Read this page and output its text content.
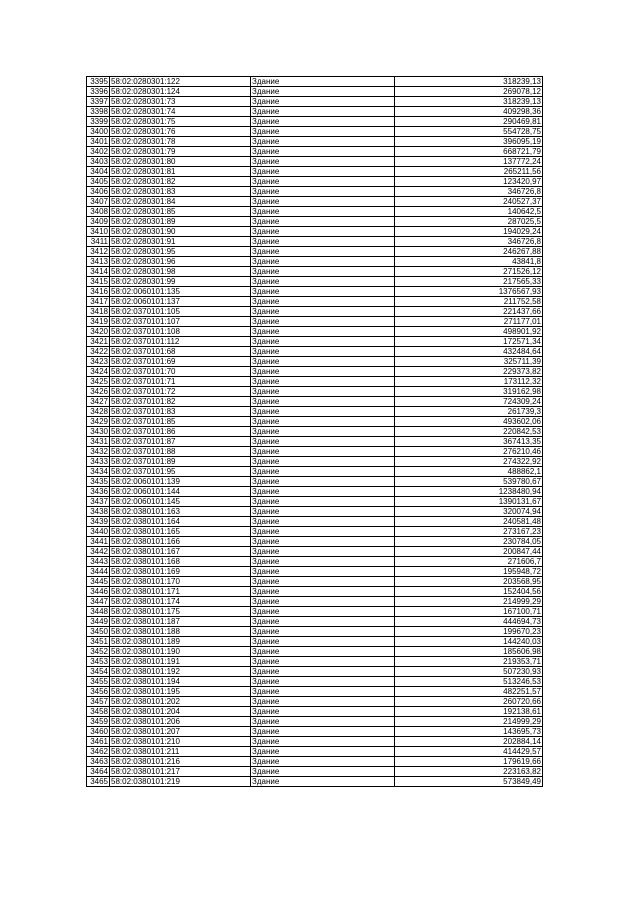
3395	58:02:0280301:122	Здание	318239,13
3396	58:02:0280301:124	Здание	269078,12
3397	58:02:0280301:73	Здание	318239,13
3398	58:02:0280301:74	Здание	409298,36
3399	58:02:0280301:75	Здание	290469,81
3400	58:02:0280301:76	Здание	554728,75
3401	58:02:0280301:78	Здание	396095,19
3402	58:02:0280301:79	Здание	668721,79
3403	58:02:0280301:80	Здание	137772,24
3404	58:02:0280301:81	Здание	265211,56
3405	58:02:0280301:82	Здание	123420,97
3406	58:02:0280301:83	Здание	346726,8
3407	58:02:0280301:84	Здание	240527,37
3408	58:02:0280301:85	Здание	140642,5
3409	58:02:0280301:89	Здание	287025,5
3410	58:02:0280301:90	Здание	194029,24
3411	58:02:0280301:91	Здание	346726,8
3412	58:02:0280301:95	Здание	246267,88
3413	58:02:0280301:96	Здание	43841,8
3414	58:02:0280301:98	Здание	271526,12
3415	58:02:0280301:99	Здание	217565,33
3416	58:02:0060101:135	Здание	1376567,93
3417	58:02:0060101:137	Здание	211752,58
3418	58:02:0370101:105	Здание	221437,66
3419	58:02:0370101:107	Здание	271177,01
3420	58:02:0370101:108	Здание	498901,92
3421	58:02:0370101:112	Здание	172571,34
3422	58:02:0370101:68	Здание	432484,64
3423	58:02:0370101:69	Здание	325711,39
3424	58:02:0370101:70	Здание	229373,82
3425	58:02:0370101:71	Здание	173112,32
3426	58:02:0370101:72	Здание	319162,98
3427	58:02:0370101:82	Здание	724309,24
3428	58:02:0370101:83	Здание	261739,3
3429	58:02:0370101:85	Здание	493602,06
3430	58:02:0370101:86	Здание	220842,53
3431	58:02:0370101:87	Здание	367413,35
3432	58:02:0370101:88	Здание	276210,46
3433	58:02:0370101:89	Здание	274322,92
3434	58:02:0370101:95	Здание	488862,1
3435	58:02:0060101:139	Здание	539780,67
3436	58:02:0060101:144	Здание	1238480,94
3437	58:02:0060101:145	Здание	1390131,67
3438	58:02:0380101:163	Здание	320074,94
3439	58:02:0380101:164	Здание	240581,48
3440	58:02:0380101:165	Здание	273167,23
3441	58:02:0380101:166	Здание	230784,05
3442	58:02:0380101:167	Здание	200847,44
3443	58:02:0380101:168	Здание	271606,7
3444	58:02:0380101:169	Здание	195948,72
3445	58:02:0380101:170	Здание	203568,95
3446	58:02:0380101:171	Здание	152404,56
3447	58:02:0380101:174	Здание	214999,29
3448	58:02:0380101:175	Здание	167100,71
3449	58:02:0380101:187	Здание	444694,73
3450	58:02:0380101:188	Здание	199670,23
3451	58:02:0380101:189	Здание	144240,03
3452	58:02:0380101:190	Здание	185606,98
3453	58:02:0380101:191	Здание	219353,71
3454	58:02:0380101:192	Здание	507230,93
3455	58:02:0380101:194	Здание	513246,53
3456	58:02:0380101:195	Здание	482251,57
3457	58:02:0380101:202	Здание	260720,66
3458	58:02:0380101:204	Здание	192138,61
3459	58:02:0380101:206	Здание	214999,29
3460	58:02:0380101:207	Здание	143695,73
3461	58:02:0380101:210	Здание	202884,14
3462	58:02:0380101:211	Здание	414429,57
3463	58:02:0380101:216	Здание	179619,66
3464	58:02:0380101:217	Здание	223163,82
3465	58:02:0380101:219	Здание	573849,49
